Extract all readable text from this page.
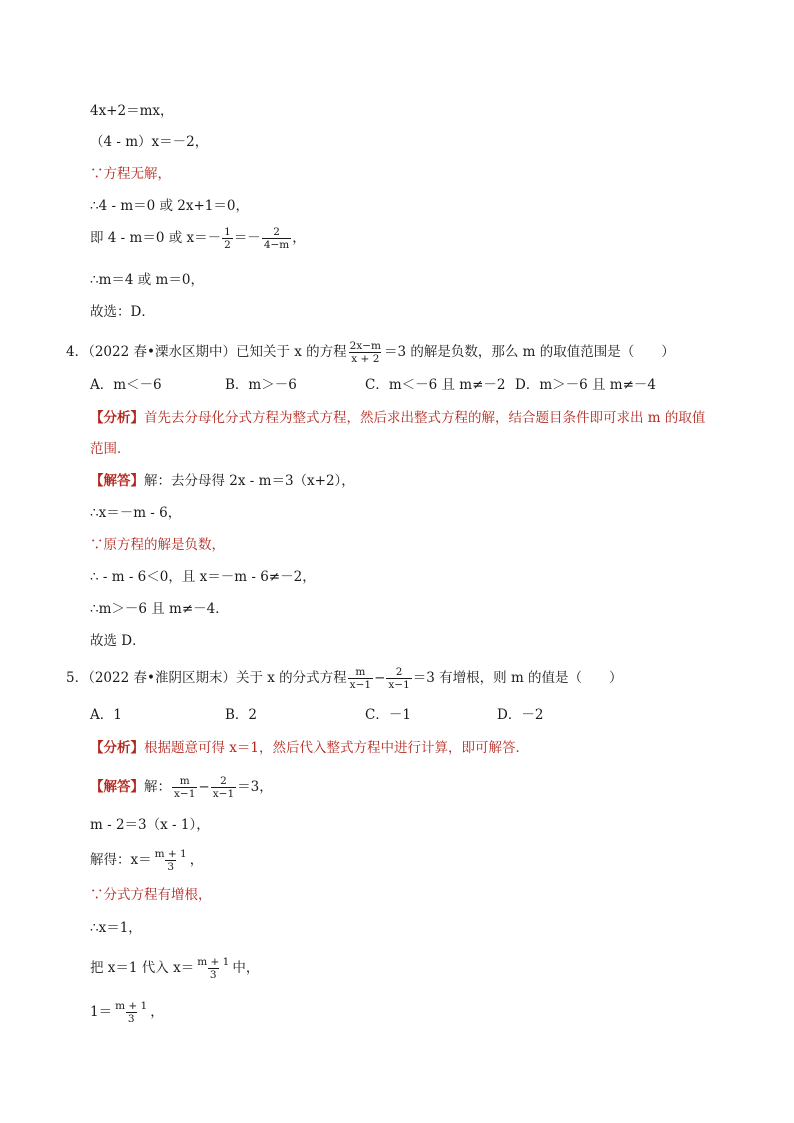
4x+2＝mx，
（4 - m）x＝－2，
∵方程无解，
∴4 - m＝0 或 2x+1＝0，
即 4 - m＝0 或 $x=- \frac{1}{2} =- \frac{2}{4-m}$ ，
∴m＝4 或 m＝0，
故选：D．
4．（2022 春•溧水区期中）已知关于 x 的方程 $\frac{2x-m}{x + 2} =3$ 的解是负数，那么 m 的取值范围是（　　）
A．m＜－6	B．m＞－6	C．m＜－6 且 m≠－2 D．m＞－6 且 m≠－4
【分析】首先去分母化分式方程为整式方程，然后求出整式方程的解，结合题目条件即可求出 m 的取值
范围．
【解答】解：去分母得 2x - m＝3（x+2），
∴x＝－m - 6，
∵原方程的解是负数，
∴ - m - 6＜0，且 x＝－m - 6≠－2，
∴m＞－6 且 m≠－4．
故选 D．
5．（2022 春•淮阴区期末）关于 x 的分式方程 $\frac{m}{x-1} - \frac{2}{x-1} =3$ 有增根，则 m 的值是（　　）
A．1	B．2	C．－1	D．－2
【分析】根据题意可得 x＝1，然后代入整式方程中进行计算，即可解答．
【解答】解： $\frac{m}{x-1} - \frac{2}{x-1} =3$，
m - 2＝3（x - 1），
解得：$x= \frac{m + 1}{3}$ ，
∵分式方程有增根，
∴x＝1，
把 x＝1 代入 $x= \frac{m + 1}{3}$ 中，
$1= \frac{m + 1}{3}$ ，
